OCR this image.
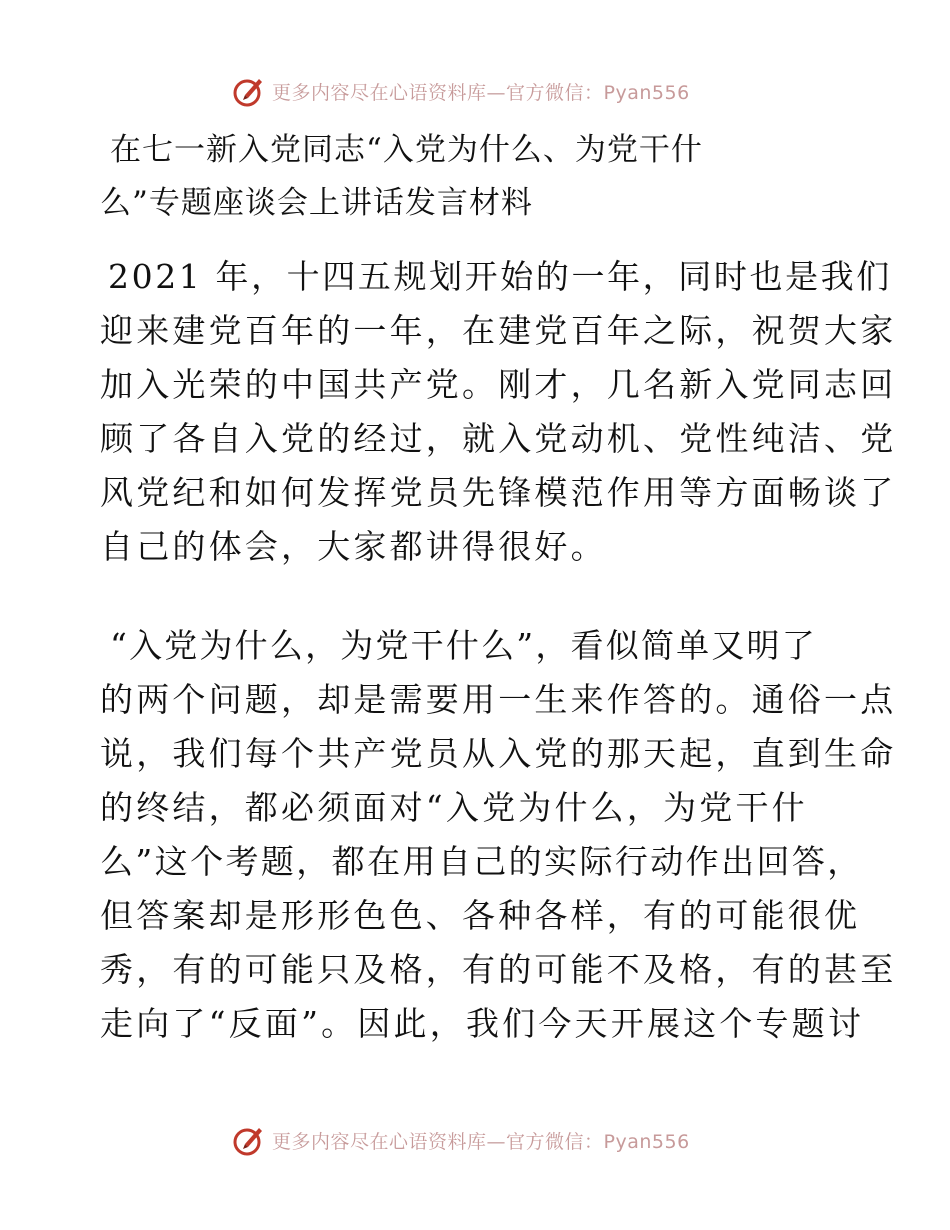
更多内容尽在心语资料库—官方微信：Pyan556
在七一新入党同志“入党为什么、为党干什
么”专题座谈会上讲话发言材料

2021 年，十四五规划开始的一年，同时也是我们
迎来建党百年的一年，在建党百年之际，祝贺大家
加入光荣的中国共产党。刚才，几名新入党同志回
顾了各自入党的经过，就入党动机、党性纯洁、党
风党纪和如何发挥党员先锋模范作用等方面畅谈了
自己的体会，大家都讲得很好。

“入党为什么，为党干什么”，看似简单又明了
的两个问题，却是需要用一生来作答的。通俗一点
说，我们每个共产党员从入党的那天起，直到生命
的终结，都必须面对“入党为什么，为党干什
么”这个考题，都在用自己的实际行动作出回答，
但答案却是形形色色、各种各样，有的可能很优
秀，有的可能只及格，有的可能不及格，有的甚至
走向了“反面”。因此，我们今天开展这个专题讨

更多内容尽在心语资料库—官方微信：Pyan556
